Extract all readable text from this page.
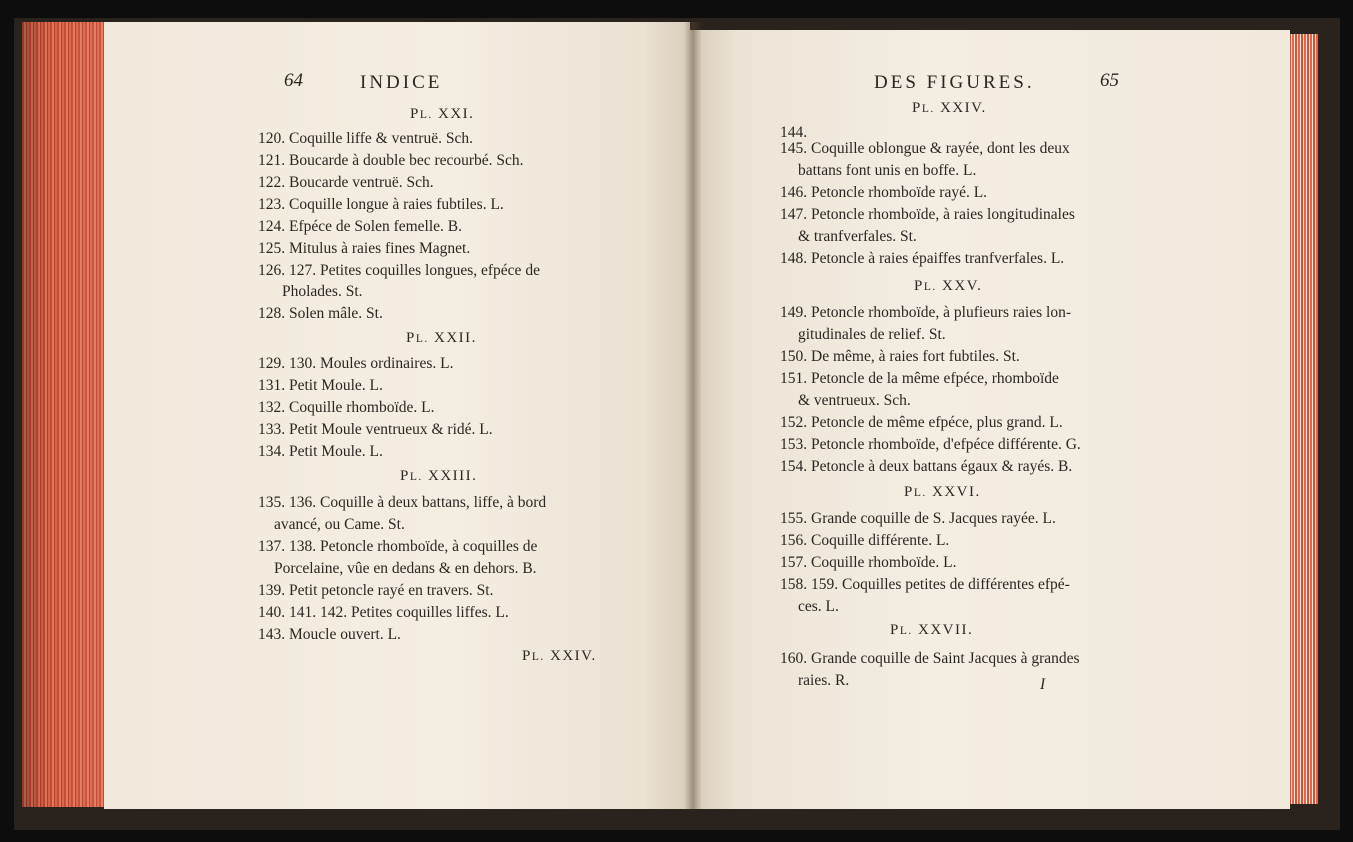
64	INDICE
PL. XXI.
120. Coquille liffe & ventruë. Sch.
121. Boucarde à double bec recourbé. Sch.
122. Boucarde ventruë. Sch.
123. Coquille longue à raies fubtiles. L.
124. Efpéce de Solen femelle. B.
125. Mitulus à raies fines Magnet.
126. 127. Petites coquilles longues, efpéce de
Pholades. St.
128. Solen mâle. St.
PL. XXII.
129. 130. Moules ordinaires. L.
131. Petit Moule. L.
132. Coquille rhomboïde. L.
133. Petit Moule ventrueux & ridé. L.
134. Petit Moule. L.
PL. XXIII.
135. 136. Coquille à deux battans, liffe, à bord
avancé, ou Came. St.
137. 138. Petoncle rhomboïde, à coquilles de
Porcelaine, vûe en dedans & en dehors. B.
139. Petit petoncle rayé en travers. St.
140. 141. 142. Petites coquilles liffes. L.
143. Moucle ouvert. L.
PL. XXIV.
DES FIGURES.	65
PL. XXIV.
144.
145. Coquille oblongue & rayée, dont les deux
battans font unis en boffe. L.
146. Petoncle rhomboïde rayé. L.
147. Petoncle rhomboïde, à raies longitudinales
& tranfverfales. St.
148. Petoncle à raies épaiffes tranfverfales. L.
PL. XXV.
149. Petoncle rhomboïde, à plufieurs raies lon-
gitudinales de relief. St.
150. De même, à raies fort fubtiles. St.
151. Petoncle de la même efpéce, rhomboïde
& ventrueux. Sch.
152. Petoncle de même efpéce, plus grand. L.
153. Petoncle rhomboïde, d'efpéce différente. G.
154. Petoncle à deux battans égaux & rayés. B.
PL. XXVI.
155. Grande coquille de S. Jacques rayée. L.
156. Coquille différente. L.
157. Coquille rhomboïde. L.
158. 159. Coquilles petites de différentes efpé-
ces. L.
PL. XXVII.
160. Grande coquille de Saint Jacques à grandes
raies. R.	I
